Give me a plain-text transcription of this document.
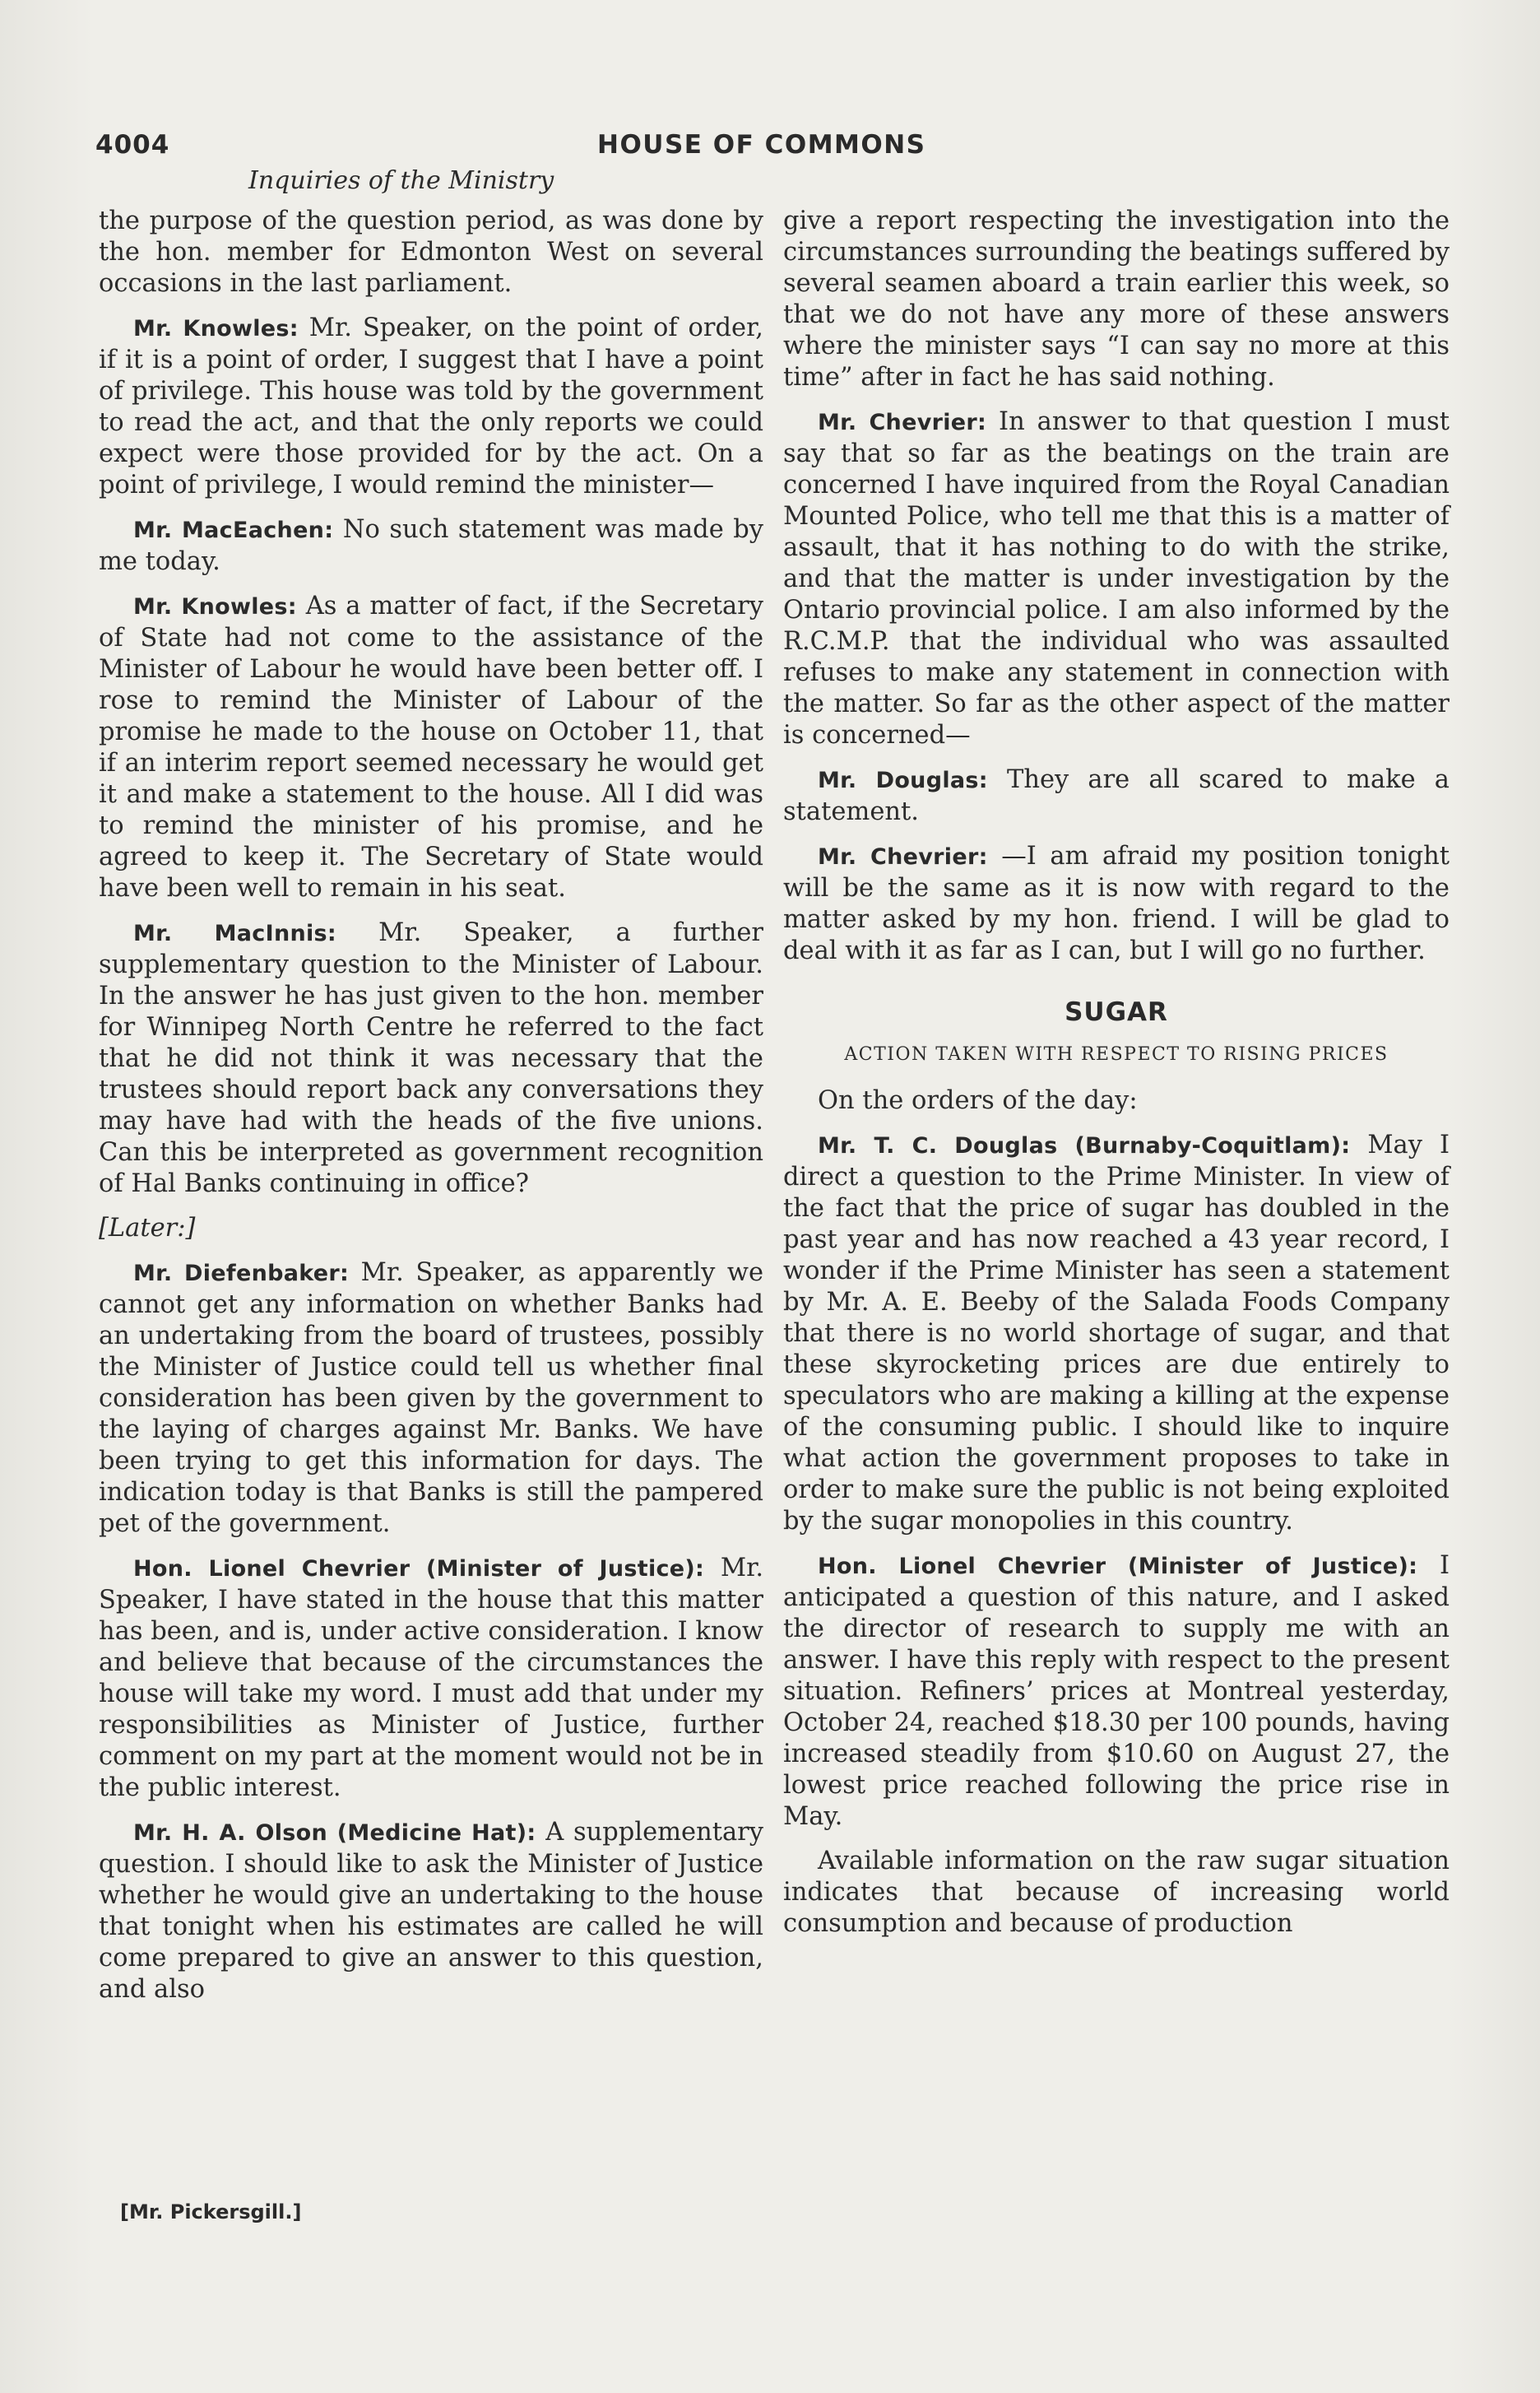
4004	HOUSE OF COMMONS
Inquiries of the Ministry

the purpose of the question period, as was done by the hon. member for Edmonton West on several occasions in the last parliament.

Mr. Knowles: Mr. Speaker, on the point of order, if it is a point of order, I suggest that I have a point of privilege. This house was told by the government to read the act, and that the only reports we could expect were those provided for by the act. On a point of privilege, I would remind the minister—

Mr. MacEachen: No such statement was made by me today.

Mr. Knowles: As a matter of fact, if the Secretary of State had not come to the assistance of the Minister of Labour he would have been better off. I rose to remind the Minister of Labour of the promise he made to the house on October 11, that if an interim report seemed necessary he would get it and make a statement to the house. All I did was to remind the minister of his promise, and he agreed to keep it. The Secretary of State would have been well to remain in his seat.

Mr. MacInnis: Mr. Speaker, a further supplementary question to the Minister of Labour. In the answer he has just given to the hon. member for Winnipeg North Centre he referred to the fact that he did not think it was necessary that the trustees should report back any conversations they may have had with the heads of the five unions. Can this be interpreted as government recognition of Hal Banks continuing in office?

[Later:]

Mr. Diefenbaker: Mr. Speaker, as apparently we cannot get any information on whether Banks had an undertaking from the board of trustees, possibly the Minister of Justice could tell us whether final consideration has been given by the government to the laying of charges against Mr. Banks. We have been trying to get this information for days. The indication today is that Banks is still the pampered pet of the government.

Hon. Lionel Chevrier (Minister of Justice): Mr. Speaker, I have stated in the house that this matter has been, and is, under active consideration. I know and believe that because of the circumstances the house will take my word. I must add that under my responsibilities as Minister of Justice, further comment on my part at the moment would not be in the public interest.

Mr. H. A. Olson (Medicine Hat): A supplementary question. I should like to ask the Minister of Justice whether he would give an undertaking to the house that tonight when his estimates are called he will come prepared to give an answer to this question, and also

give a report respecting the investigation into the circumstances surrounding the beatings suffered by several seamen aboard a train earlier this week, so that we do not have any more of these answers where the minister says “I can say no more at this time” after in fact he has said nothing.

Mr. Chevrier: In answer to that question I must say that so far as the beatings on the train are concerned I have inquired from the Royal Canadian Mounted Police, who tell me that this is a matter of assault, that it has nothing to do with the strike, and that the matter is under investigation by the Ontario provincial police. I am also informed by the R.C.M.P. that the individual who was assaulted refuses to make any statement in connection with the matter. So far as the other aspect of the matter is concerned—

Mr. Douglas: They are all scared to make a statement.

Mr. Chevrier: —I am afraid my position tonight will be the same as it is now with regard to the matter asked by my hon. friend. I will be glad to deal with it as far as I can, but I will go no further.

SUGAR
ACTION TAKEN WITH RESPECT TO RISING PRICES

On the orders of the day:

Mr. T. C. Douglas (Burnaby-Coquitlam): May I direct a question to the Prime Minister. In view of the fact that the price of sugar has doubled in the past year and has now reached a 43 year record, I wonder if the Prime Minister has seen a statement by Mr. A. E. Beeby of the Salada Foods Company that there is no world shortage of sugar, and that these skyrocketing prices are due entirely to speculators who are making a killing at the expense of the consuming public. I should like to inquire what action the government proposes to take in order to make sure the public is not being exploited by the sugar monopolies in this country.

Hon. Lionel Chevrier (Minister of Justice): I anticipated a question of this nature, and I asked the director of research to supply me with an answer. I have this reply with respect to the present situation. Refiners’ prices at Montreal yesterday, October 24, reached $18.30 per 100 pounds, having increased steadily from $10.60 on August 27, the lowest price reached following the price rise in May.

Available information on the raw sugar situation indicates that because of increasing world consumption and because of production

[Mr. Pickersgill.]
